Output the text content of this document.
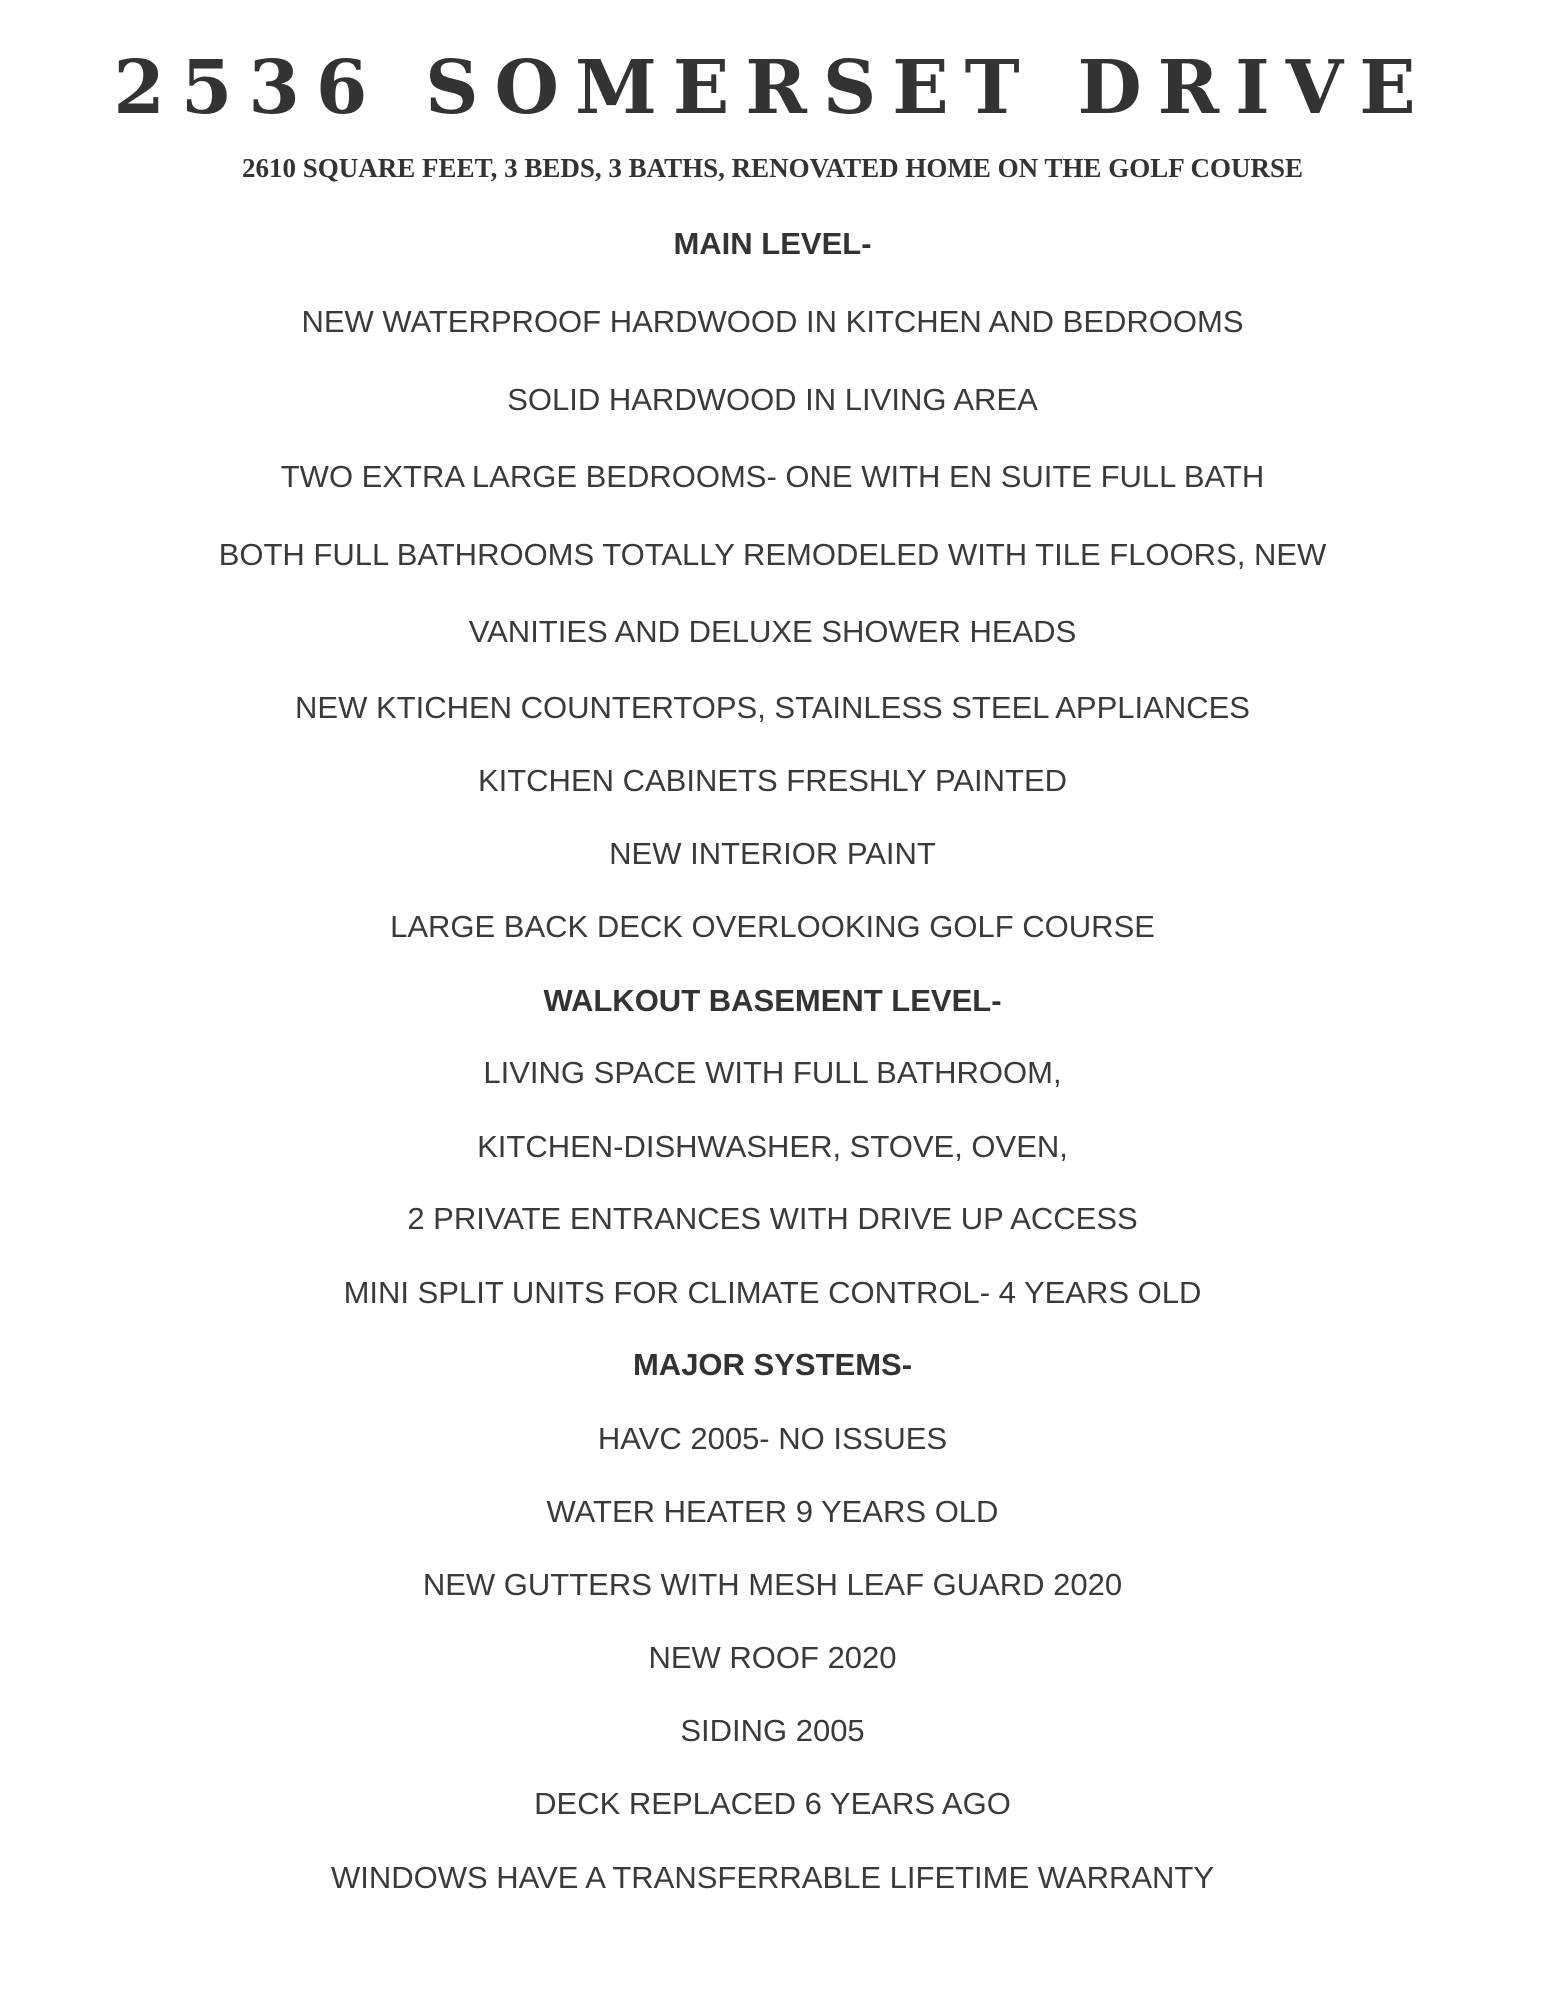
2536 SOMERSET DRIVE
2610 SQUARE FEET, 3 BEDS, 3 BATHS, RENOVATED HOME ON THE GOLF COURSE
MAIN LEVEL-
NEW WATERPROOF HARDWOOD IN KITCHEN AND BEDROOMS
SOLID HARDWOOD IN LIVING AREA
TWO EXTRA LARGE BEDROOMS- ONE WITH EN SUITE FULL BATH
BOTH FULL BATHROOMS TOTALLY REMODELED WITH TILE FLOORS, NEW
VANITIES AND DELUXE SHOWER HEADS
NEW KTICHEN COUNTERTOPS, STAINLESS STEEL APPLIANCES
KITCHEN CABINETS FRESHLY PAINTED
NEW INTERIOR PAINT
LARGE BACK DECK OVERLOOKING GOLF COURSE
WALKOUT BASEMENT LEVEL-
LIVING SPACE WITH FULL BATHROOM,
KITCHEN-DISHWASHER, STOVE, OVEN,
2 PRIVATE ENTRANCES WITH DRIVE UP ACCESS
MINI SPLIT UNITS FOR CLIMATE CONTROL- 4 YEARS OLD
MAJOR SYSTEMS-
HAVC 2005- NO ISSUES
WATER HEATER 9 YEARS OLD
NEW GUTTERS WITH MESH LEAF GUARD 2020
NEW ROOF 2020
SIDING 2005
DECK REPLACED 6 YEARS AGO
WINDOWS HAVE A TRANSFERRABLE LIFETIME WARRANTY
